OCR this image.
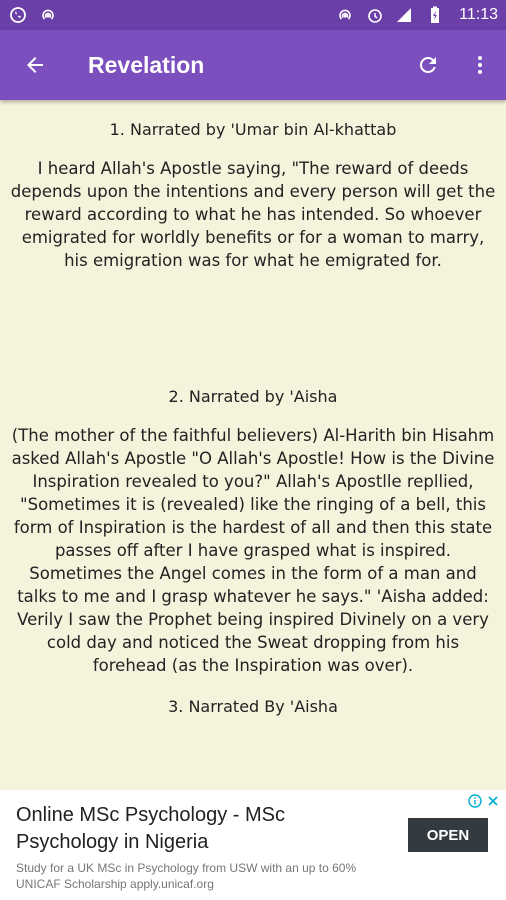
11:13
Revelation

1. Narrated by 'Umar bin Al-khattab

I heard Allah's Apostle saying, "The reward of deeds depends upon the intentions and every person will get the reward according to what he has intended. So whoever emigrated for worldly benefits or for a woman to marry, his emigration was for what he emigrated for.

2. Narrated by 'Aisha

(The mother of the faithful believers) Al-Harith bin Hisahm asked Allah's Apostle "O Allah's Apostle! How is the Divine Inspiration revealed to you?" Allah's Apostlle repllied, "Sometimes it is (revealed) like the ringing of a bell, this form of Inspiration is the hardest of all and then this state passes off after I have grasped what is inspired. Sometimes the Angel comes in the form of a man and talks to me and I grasp whatever he says." 'Aisha added: Verily I saw the Prophet being inspired Divinely on a very cold day and noticed the Sweat dropping from his forehead (as the Inspiration was over).

3. Narrated By 'Aisha

Online MSc Psychology - MSc Psychology in Nigeria	OPEN
Study for a UK MSc in Psychology from USW with an up to 60% UNICAF Scholarship apply.unicaf.org
